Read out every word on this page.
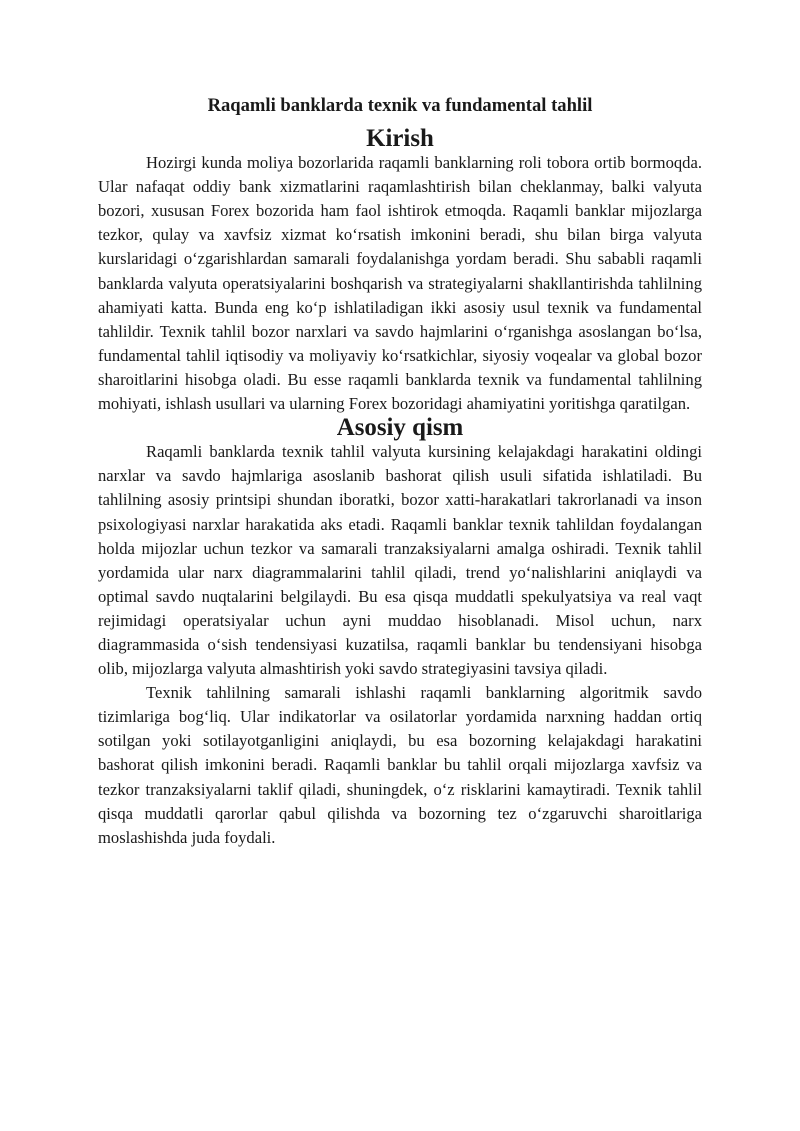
Raqamli banklarda texnik va fundamental tahlil
Kirish

Hozirgi kunda moliya bozorlarida raqamli banklarning roli tobora ortib bormoqda. Ular nafaqat oddiy bank xizmatlarini raqamlashtirish bilan cheklanmay, balki valyuta bozori, xususan Forex bozorida ham faol ishtirok etmoqda. Raqamli banklar mijozlarga tezkor, qulay va xavfsiz xizmat ko‘rsatish imkonini beradi, shu bilan birga valyuta kurslaridagi o‘zgarishlardan samarali foydalanishga yordam beradi. Shu sababli raqamli banklarda valyuta operatsiyalarini boshqarish va strategiyalarni shakllantirishda tahlilning ahamiyati katta. Bunda eng ko‘p ishlatiladigan ikki asosiy usul texnik va fundamental tahlildir. Texnik tahlil bozor narxlari va savdo hajmlarini o‘rganishga asoslangan bo‘lsa, fundamental tahlil iqtisodiy va moliyaviy ko‘rsatkichlar, siyosiy voqealar va global bozor sharoitlarini hisobga oladi. Bu esse raqamli banklarda texnik va fundamental tahlilning mohiyati, ishlash usullari va ularning Forex bozoridagi ahamiyatini yoritishga qaratilgan.

Asosiy qism

Raqamli banklarda texnik tahlil valyuta kursining kelajakdagi harakatini oldingi narxlar va savdo hajmlariga asoslanib bashorat qilish usuli sifatida ishlatiladi. Bu tahlilning asosiy printsipi shundan iboratki, bozor xatti-harakatlari takrorlanadi va inson psixologiyasi narxlar harakatida aks etadi. Raqamli banklar texnik tahlildan foydalangan holda mijozlar uchun tezkor va samarali tranzaksiyalarni amalga oshiradi. Texnik tahlil yordamida ular narx diagrammalarini tahlil qiladi, trend yo‘nalishlarini aniqlaydi va optimal savdo nuqtalarini belgilaydi. Bu esa qisqa muddatli spekulyatsiya va real vaqt rejimidagi operatsiyalar uchun ayni muddao hisoblanadi. Misol uchun, narx diagrammasida o‘sish tendensiyasi kuzatilsa, raqamli banklar bu tendensiyani hisobga olib, mijozlarga valyuta almashtirish yoki savdo strategiyasini tavsiya qiladi.

Texnik tahlilning samarali ishlashi raqamli banklarning algoritmik savdo tizimlariga bog‘liq. Ular indikatorlar va osilatorlar yordamida narxning haddan ortiq sotilgan yoki sotilayotganligini aniqlaydi, bu esa bozorning kelajakdagi harakatini bashorat qilish imkonini beradi. Raqamli banklar bu tahlil orqali mijozlarga xavfsiz va tezkor tranzaksiyalarni taklif qiladi, shuningdek, o‘z risklarini kamaytiradi. Texnik tahlil qisqa muddatli qarorlar qabul qilishda va bozorning tez o‘zgaruvchi sharoitlariga moslashishda juda foydali.
